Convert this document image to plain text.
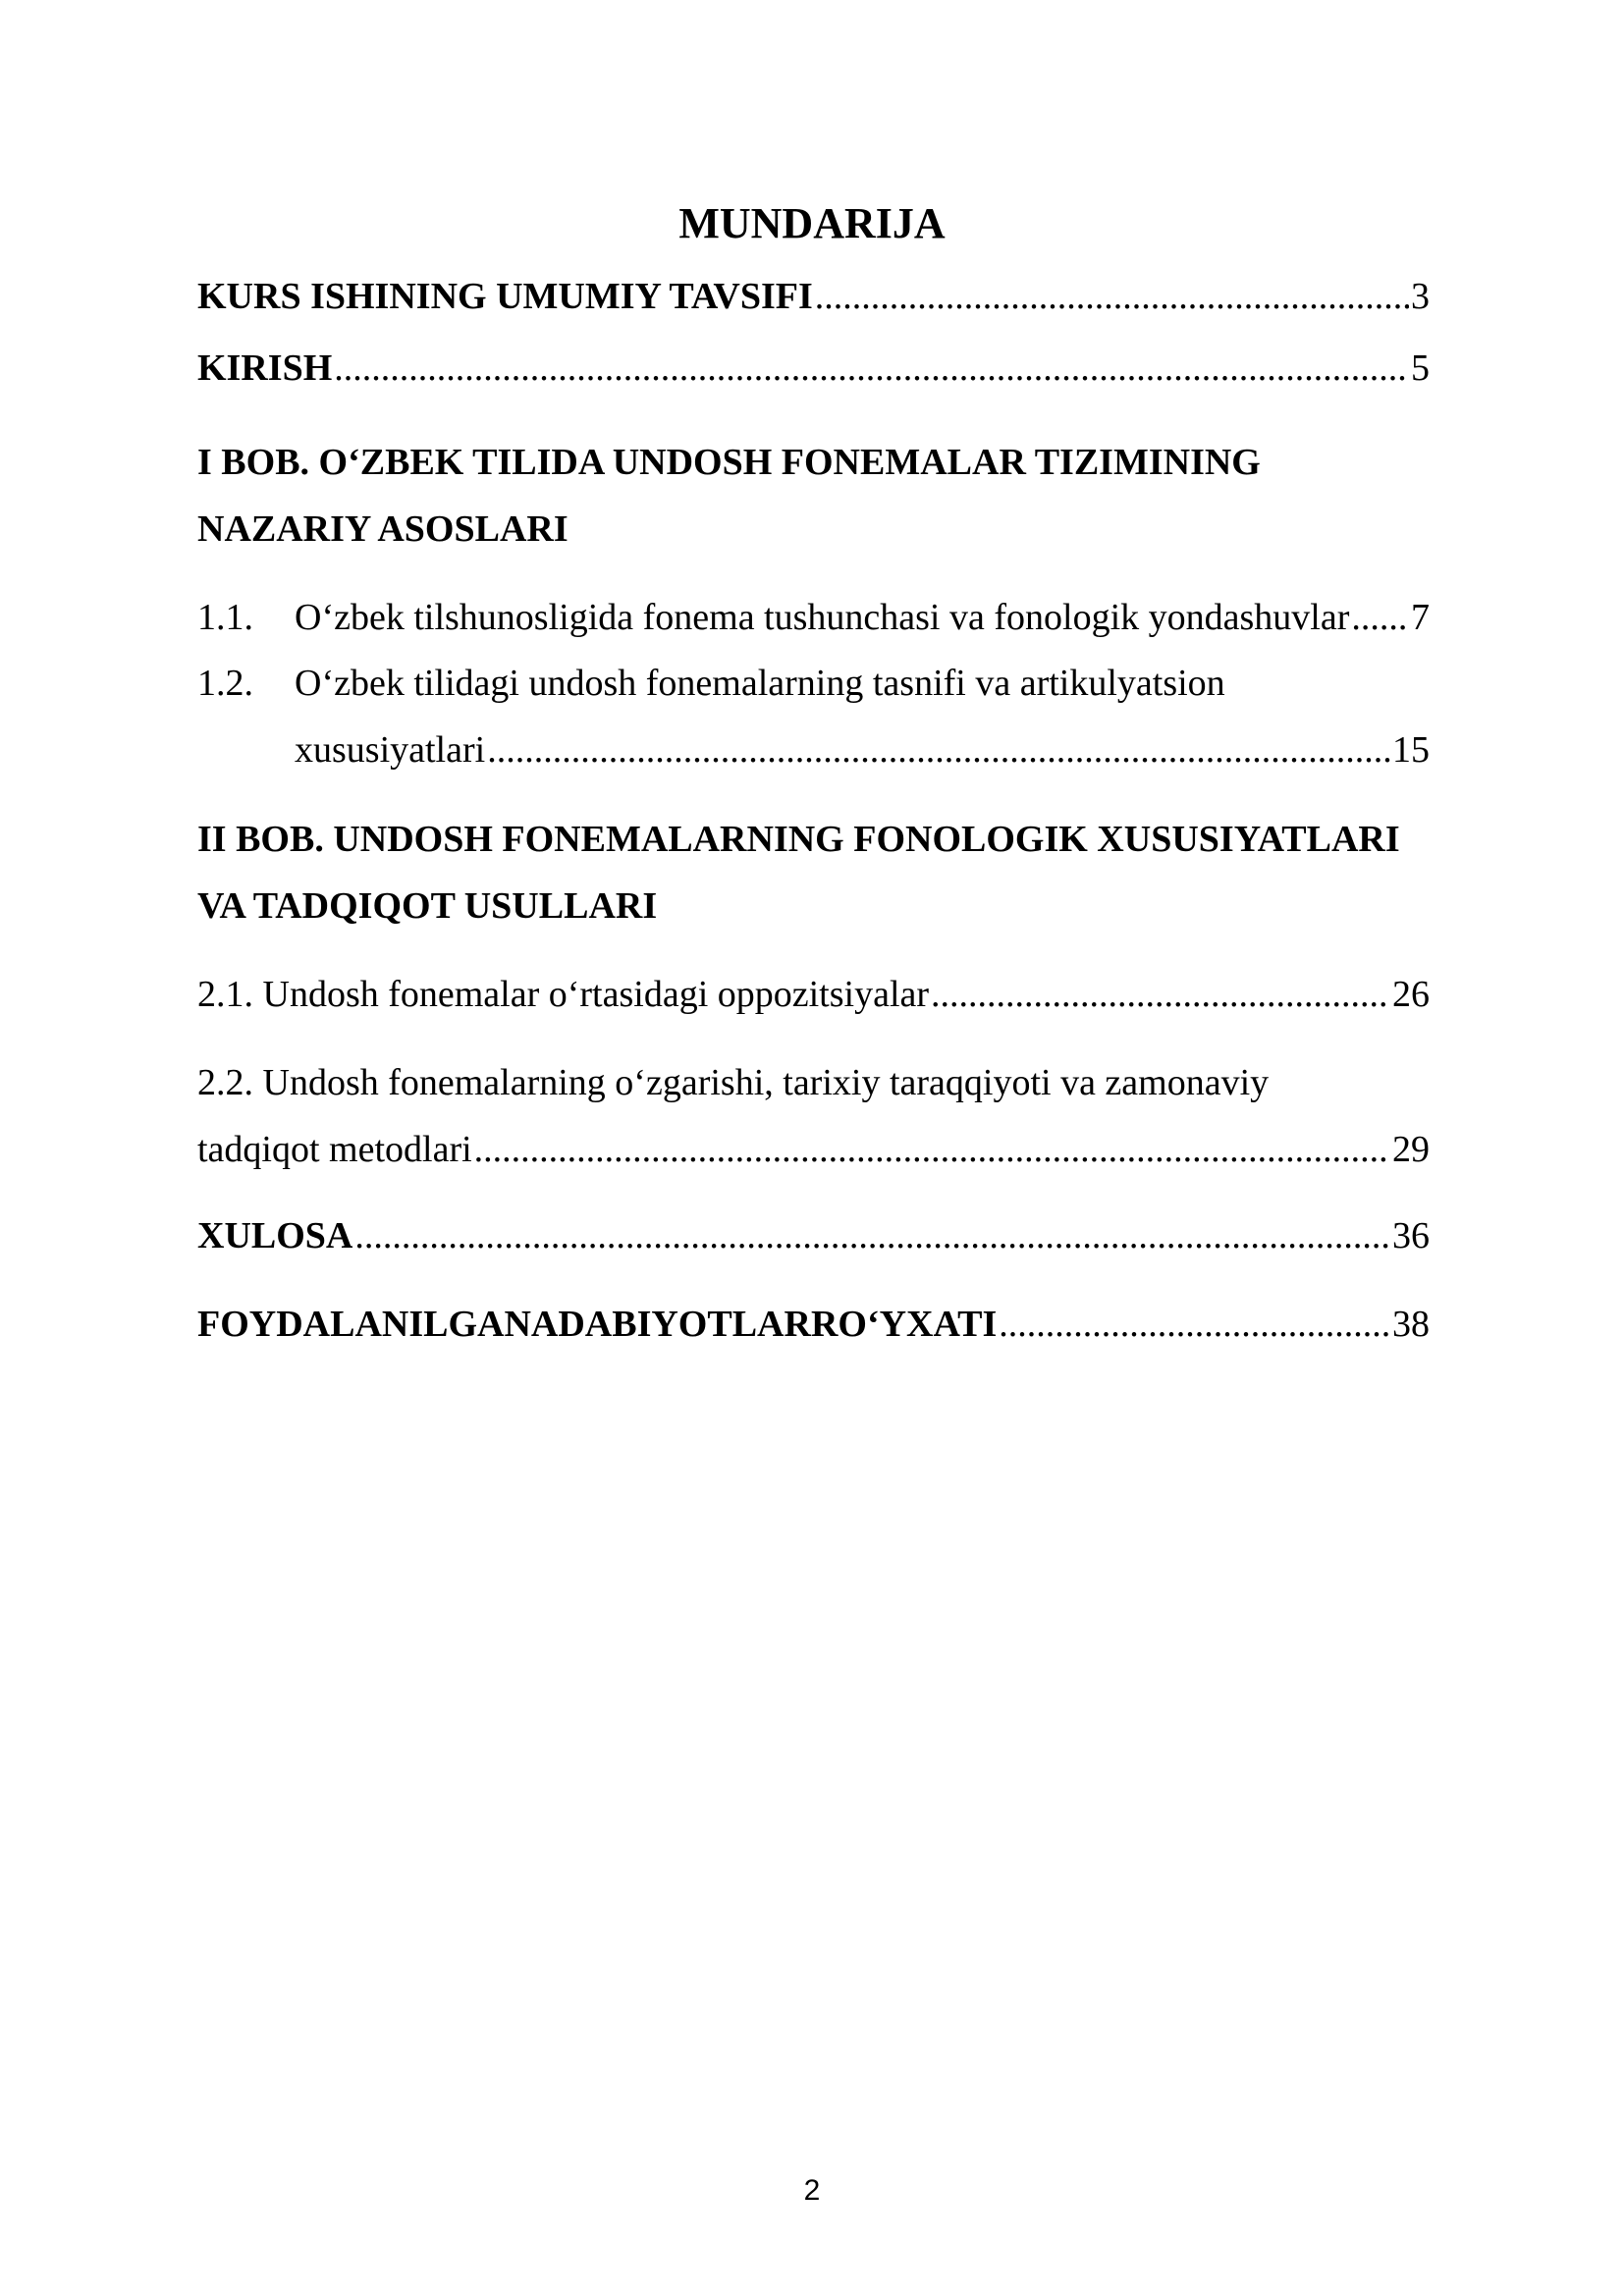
MUNDARIJA
KURS ISHINING UMUMIY TAVSIFI .....	3
KIRISH .....	5
I BOB. O‘ZBEK TILIDA UNDOSH FONEMALAR TIZIMINING
NAZARIY ASOSLARI
1.1. O‘zbek tilshunosligida fonema tushunchasi va fonologik yondashuvlar ..... 7
1.2. O‘zbek tilidagi undosh fonemalarning tasnifi va artikulyatsion
xususiyatlari .....	15
II BOB. UNDOSH FONEMALARNING FONOLOGIK XUSUSIYATLARI
VA TADQIQOT USULLARI
2.1. Undosh fonemalar o‘rtasidagi oppozitsiyalar .....	26
2.2. Undosh fonemalarning o‘zgarishi, tarixiy taraqqiyoti va zamonaviy
tadqiqot metodlari .....	29
XULOSA .....	36
FOYDALANILGANADABIYOTLARRO‘YXATI .....	38
2
